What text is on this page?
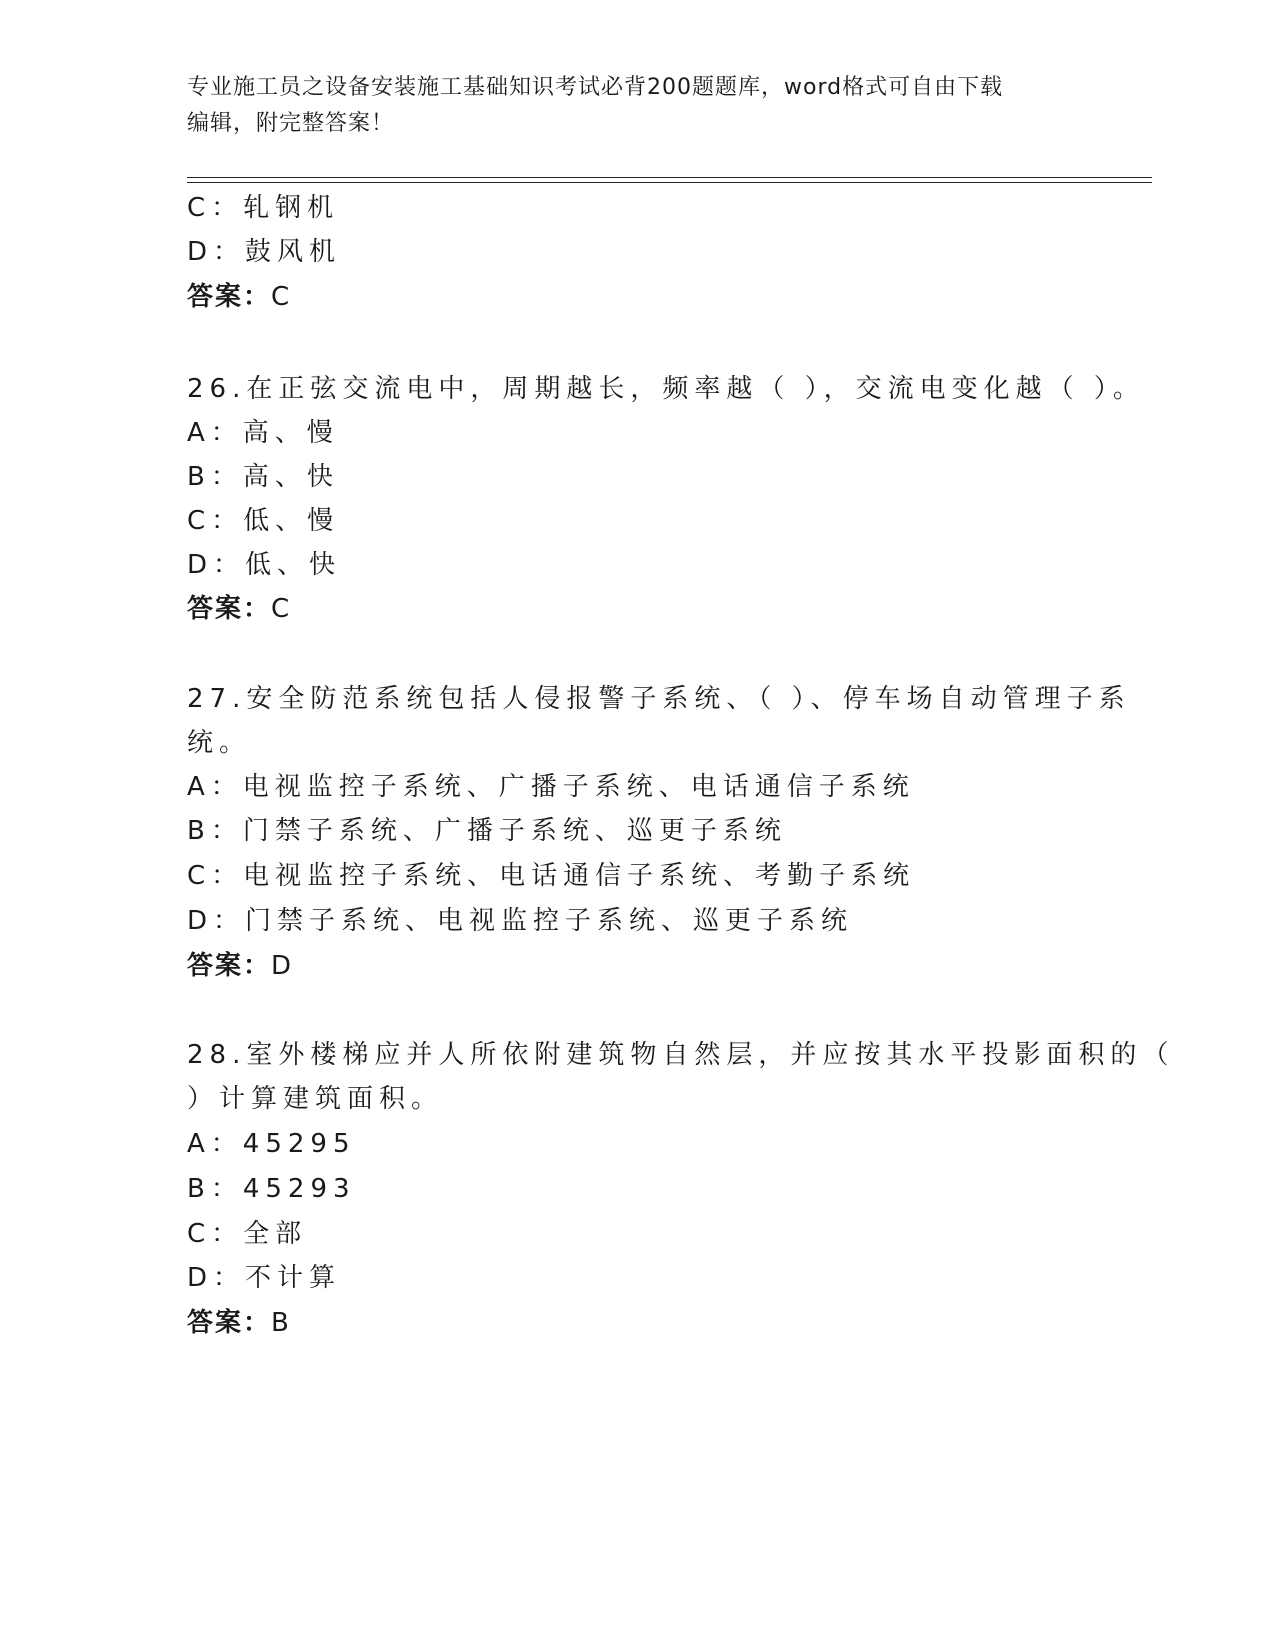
专业施工员之设备安装施工基础知识考试必背200题题库，word格式可自由下载
编辑，附完整答案！
C：轧钢机
D：鼓风机
答案：C
26.在正弦交流电中，周期越长，频率越（ ），交流电变化越（ ）。
A：高、慢
B：高、快
C：低、慢
D：低、快
答案：C
27.安全防范系统包括人侵报警子系统、（ ）、停车场自动管理子系
统。
A：电视监控子系统、广播子系统、电话通信子系统
B：门禁子系统、广播子系统、巡更子系统
C：电视监控子系统、电话通信子系统、考勤子系统
D：门禁子系统、电视监控子系统、巡更子系统
答案：D
28.室外楼梯应并人所依附建筑物自然层，并应按其水平投影面积的（
）计算建筑面积。
A：45295
B：45293
C：全部
D：不计算
答案：B
